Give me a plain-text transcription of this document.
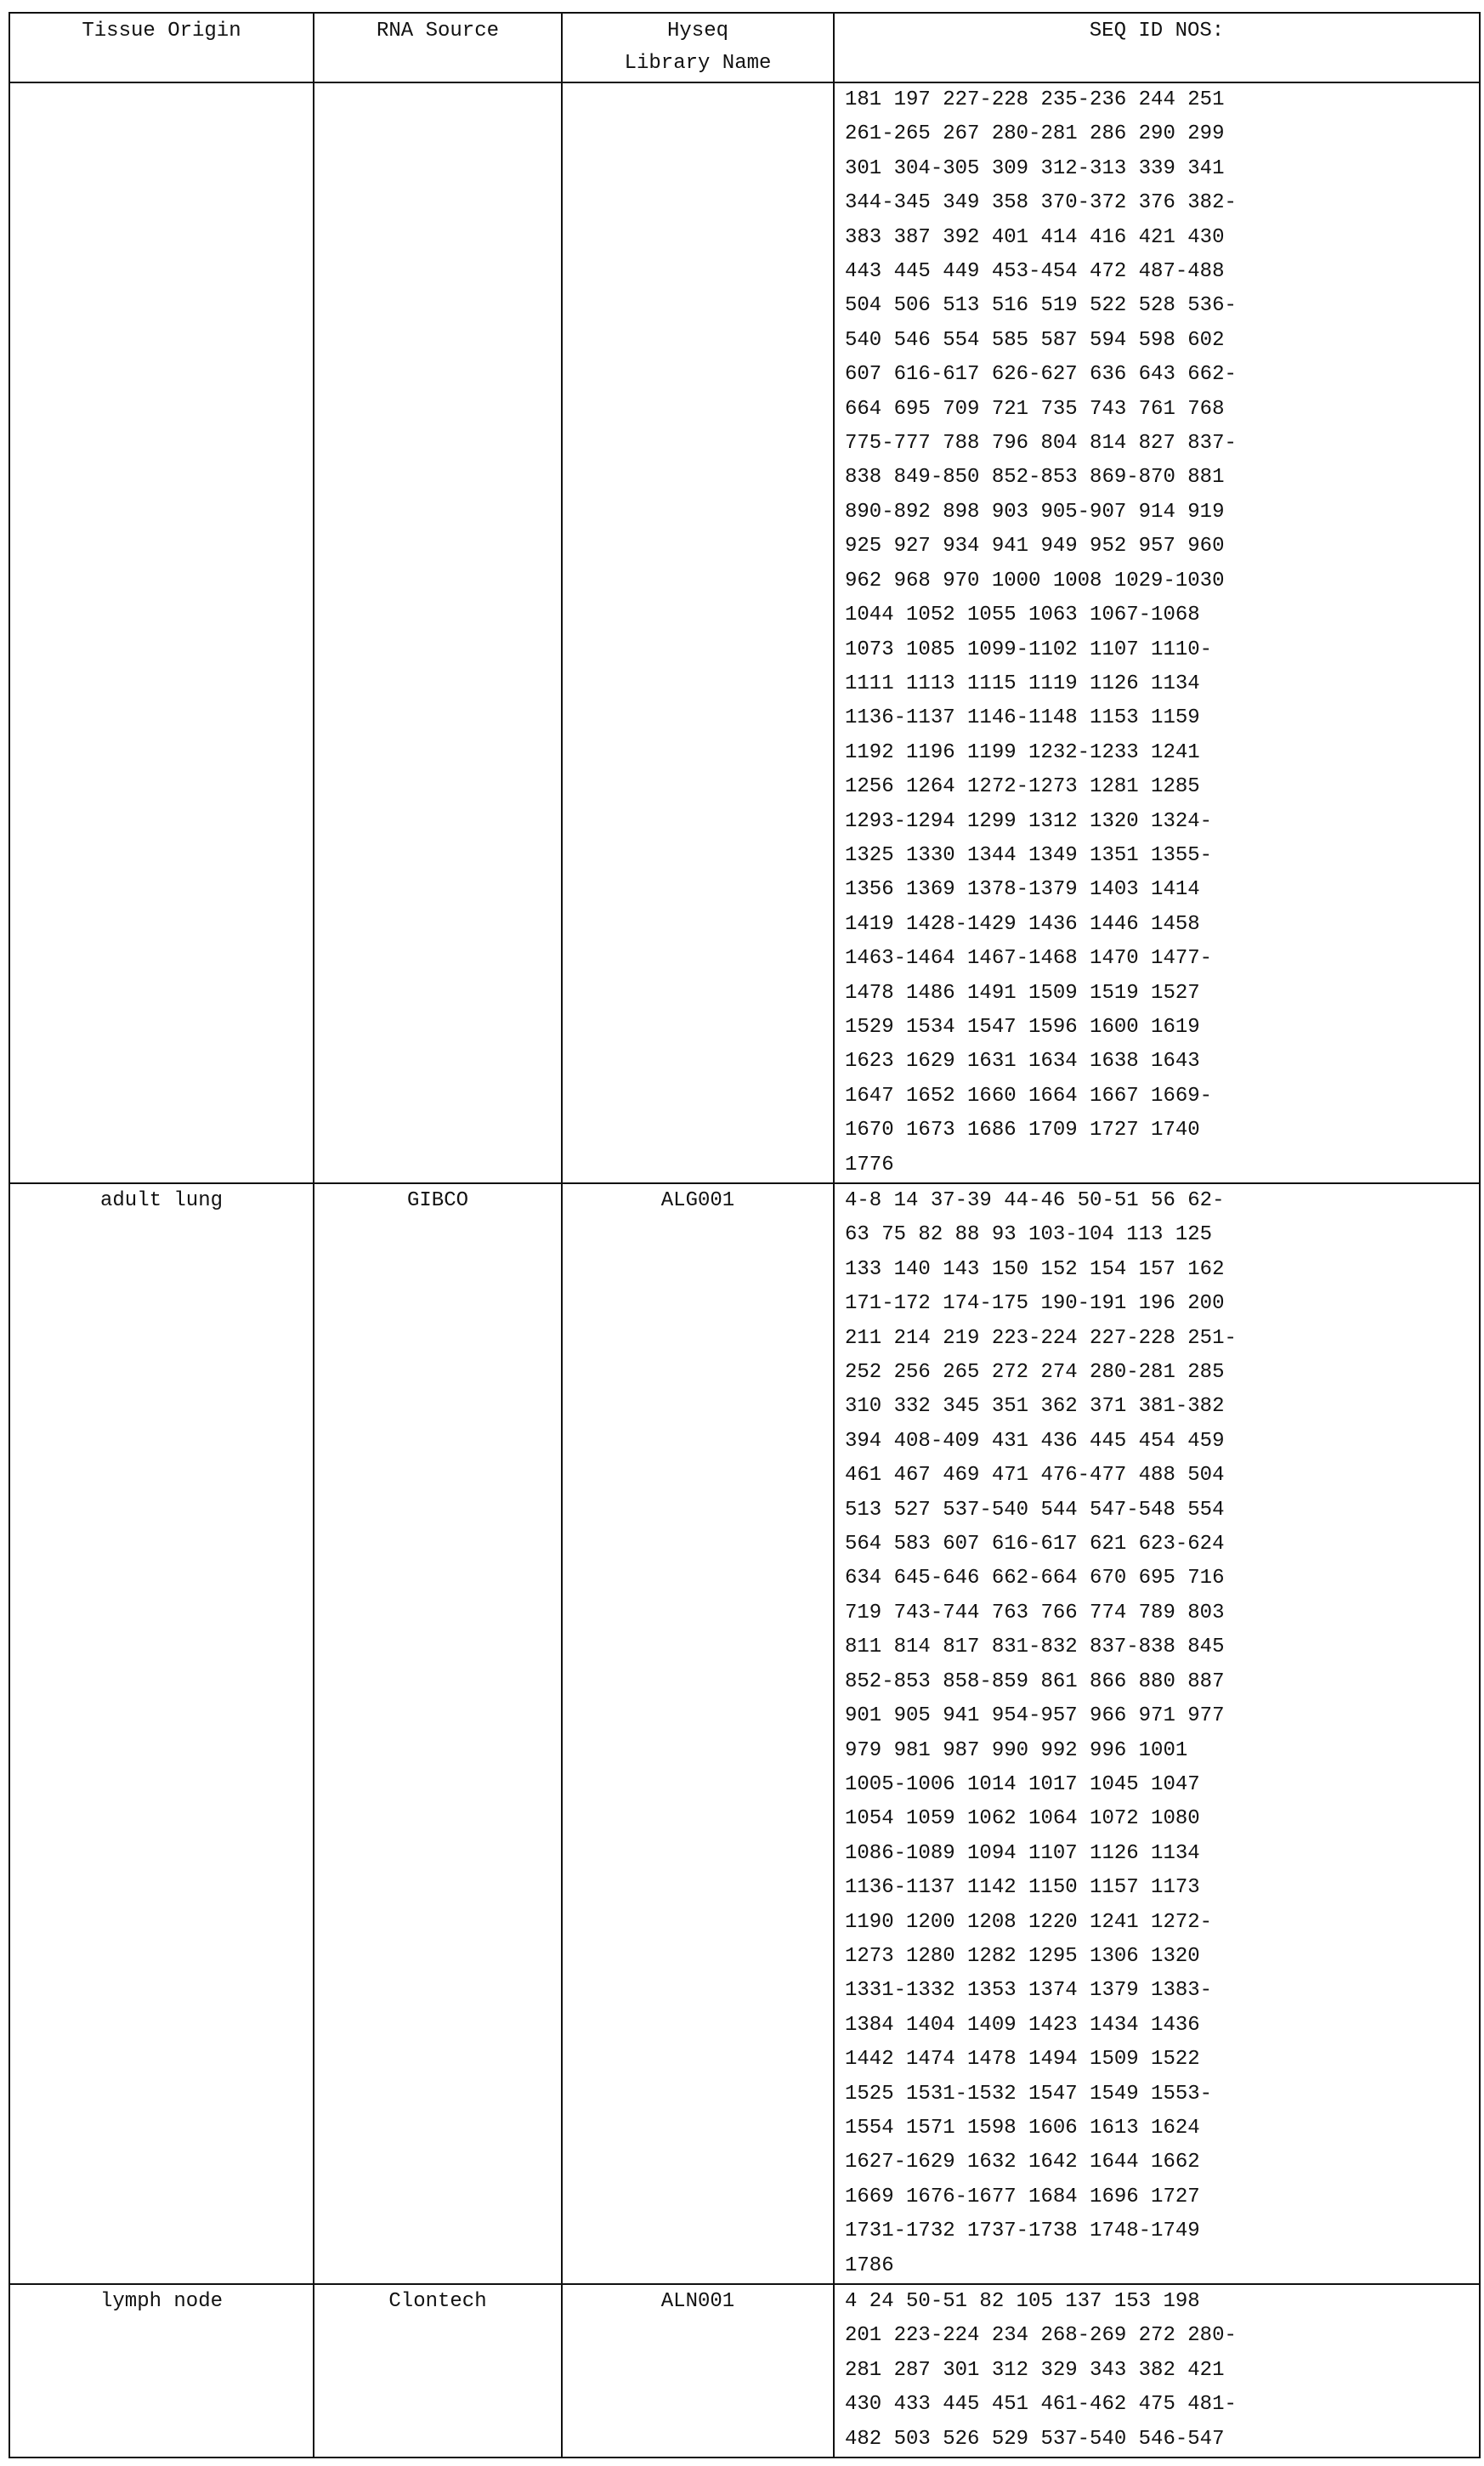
Tissue Origin	RNA Source	Hyseq
Library Name	SEQ ID NOS:
			181 197 227-228 235-236 244 251
261-265 267 280-281 286 290 299
301 304-305 309 312-313 339 341
344-345 349 358 370-372 376 382-
383 387 392 401 414 416 421 430
443 445 449 453-454 472 487-488
504 506 513 516 519 522 528 536-
540 546 554 585 587 594 598 602
607 616-617 626-627 636 643 662-
664 695 709 721 735 743 761 768
775-777 788 796 804 814 827 837-
838 849-850 852-853 869-870 881
890-892 898 903 905-907 914 919
925 927 934 941 949 952 957 960
962 968 970 1000 1008 1029-1030
1044 1052 1055 1063 1067-1068
1073 1085 1099-1102 1107 1110-
1111 1113 1115 1119 1126 1134
1136-1137 1146-1148 1153 1159
1192 1196 1199 1232-1233 1241
1256 1264 1272-1273 1281 1285
1293-1294 1299 1312 1320 1324-
1325 1330 1344 1349 1351 1355-
1356 1369 1378-1379 1403 1414
1419 1428-1429 1436 1446 1458
1463-1464 1467-1468 1470 1477-
1478 1486 1491 1509 1519 1527
1529 1534 1547 1596 1600 1619
1623 1629 1631 1634 1638 1643
1647 1652 1660 1664 1667 1669-
1670 1673 1686 1709 1727 1740
1776
adult lung	GIBCO	ALG001	4-8 14 37-39 44-46 50-51 56 62-
63 75 82 88 93 103-104 113 125
133 140 143 150 152 154 157 162
171-172 174-175 190-191 196 200
211 214 219 223-224 227-228 251-
252 256 265 272 274 280-281 285
310 332 345 351 362 371 381-382
394 408-409 431 436 445 454 459
461 467 469 471 476-477 488 504
513 527 537-540 544 547-548 554
564 583 607 616-617 621 623-624
634 645-646 662-664 670 695 716
719 743-744 763 766 774 789 803
811 814 817 831-832 837-838 845
852-853 858-859 861 866 880 887
901 905 941 954-957 966 971 977
979 981 987 990 992 996 1001
1005-1006 1014 1017 1045 1047
1054 1059 1062 1064 1072 1080
1086-1089 1094 1107 1126 1134
1136-1137 1142 1150 1157 1173
1190 1200 1208 1220 1241 1272-
1273 1280 1282 1295 1306 1320
1331-1332 1353 1374 1379 1383-
1384 1404 1409 1423 1434 1436
1442 1474 1478 1494 1509 1522
1525 1531-1532 1547 1549 1553-
1554 1571 1598 1606 1613 1624
1627-1629 1632 1642 1644 1662
1669 1676-1677 1684 1696 1727
1731-1732 1737-1738 1748-1749
1786
lymph node	Clontech	ALN001	4 24 50-51 82 105 137 153 198
201 223-224 234 268-269 272 280-
281 287 301 312 329 343 382 421
430 433 445 451 461-462 475 481-
482 503 526 529 537-540 546-547
